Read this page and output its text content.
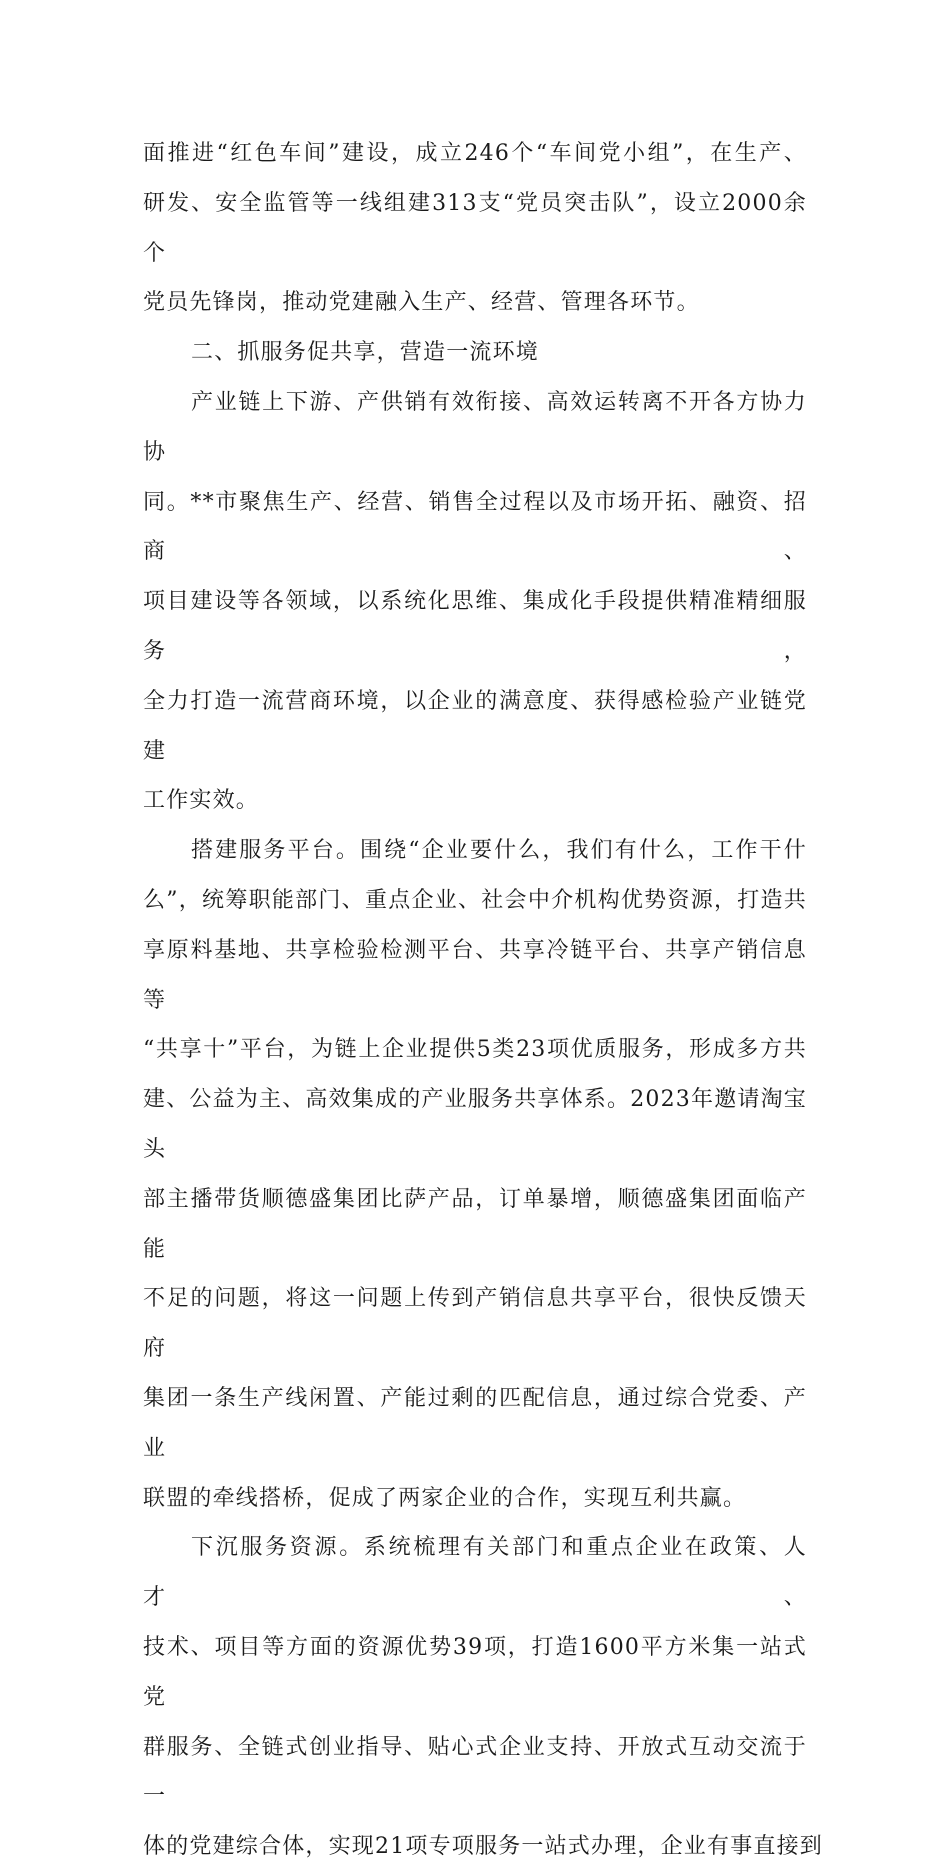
面推进“红色车间”建设，成立246个“车间党小组”，在生产、
研发、安全监管等一线组建313支“党员突击队”，设立2000余个
党员先锋岗，推动党建融入生产、经营、管理各环节。
二、抓服务促共享，营造一流环境
产业链上下游、产供销有效衔接、高效运转离不开各方协力协
同。**市聚焦生产、经营、销售全过程以及市场开拓、融资、招商、
项目建设等各领域，以系统化思维、集成化手段提供精准精细服务，
全力打造一流营商环境，以企业的满意度、获得感检验产业链党建
工作实效。
搭建服务平台。围绕“企业要什么，我们有什么，工作干什
么”，统筹职能部门、重点企业、社会中介机构优势资源，打造共
享原料基地、共享检验检测平台、共享冷链平台、共享产销信息等
“共享十”平台，为链上企业提供5类23项优质服务，形成多方共
建、公益为主、高效集成的产业服务共享体系。2023年邀请淘宝头
部主播带货顺德盛集团比萨产品，订单暴增，顺德盛集团面临产能
不足的问题，将这一问题上传到产销信息共享平台，很快反馈天府
集团一条生产线闲置、产能过剩的匹配信息，通过综合党委、产业
联盟的牵线搭桥，促成了两家企业的合作，实现互利共赢。
下沉服务资源。系统梳理有关部门和重点企业在政策、人才、
技术、项目等方面的资源优势39项，打造1600平方米集一站式党
群服务、全链式创业指导、贴心式企业支持、开放式互动交流于一
体的党建综合体，实现21项专项服务一站式办理，企业有事直接到
